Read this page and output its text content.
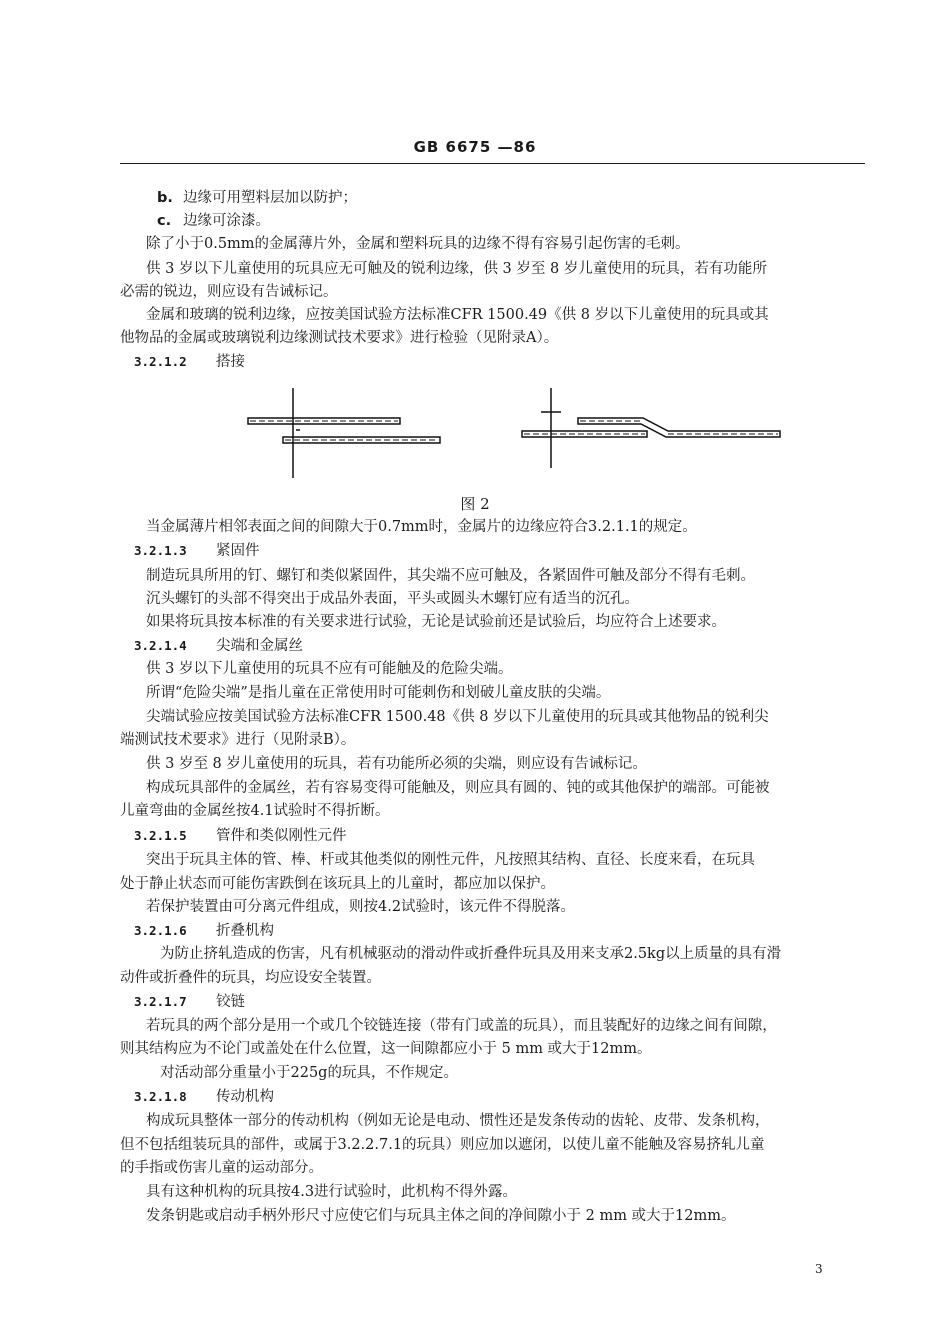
GB 6675 —86
b. 边缘可用塑料层加以防护；
c. 边缘可涂漆。
除了小于0.5mm的金属薄片外，金属和塑料玩具的边缘不得有容易引起伤害的毛刺。
供 3 岁以下儿童使用的玩具应无可触及的锐利边缘，供 3 岁至 8 岁儿童使用的玩具，若有功能所
必需的锐边，则应设有告诫标记。
金属和玻璃的锐利边缘，应按美国试验方法标准CFR 1500.49《供 8 岁以下儿童使用的玩具或其
他物品的金属或玻璃锐利边缘测试技术要求》进行检验（见附录A）。
3.2.1.2 搭接
图 2
当金属薄片相邻表面之间的间隙大于0.7mm时，金属片的边缘应符合3.2.1.1的规定。
3.2.1.3 紧固件
制造玩具所用的钉、螺钉和类似紧固件，其尖端不应可触及，各紧固件可触及部分不得有毛刺。
沉头螺钉的头部不得突出于成品外表面，平头或圆头木螺钉应有适当的沉孔。
如果将玩具按本标准的有关要求进行试验，无论是试验前还是试验后，均应符合上述要求。
3.2.1.4 尖端和金属丝
供 3 岁以下儿童使用的玩具不应有可能触及的危险尖端。
所谓“危险尖端”是指儿童在正常使用时可能刺伤和划破儿童皮肤的尖端。
尖端试验应按美国试验方法标准CFR 1500.48《供 8 岁以下儿童使用的玩具或其他物品的锐利尖
端测试技术要求》进行（见附录B）。
供 3 岁至 8 岁儿童使用的玩具，若有功能所必须的尖端，则应设有告诫标记。
构成玩具部件的金属丝，若有容易变得可能触及，则应具有圆的、钝的或其他保护的端部。可能被
儿童弯曲的金属丝按4.1试验时不得折断。
3.2.1.5 管件和类似刚性元件
突出于玩具主体的管、棒、杆或其他类似的刚性元件，凡按照其结构、直径、长度来看，在玩具
处于静止状态而可能伤害跌倒在该玩具上的儿童时，都应加以保护。
若保护装置由可分离元件组成，则按4.2试验时，该元件不得脱落。
3.2.1.6 折叠机构
为防止挤轧造成的伤害，凡有机械驱动的滑动件或折叠件玩具及用来支承2.5kg以上质量的具有滑
动件或折叠件的玩具，均应设安全装置。
3.2.1.7 铰链
若玩具的两个部分是用一个或几个铰链连接（带有门或盖的玩具），而且装配好的边缘之间有间隙，
则其结构应为不论门或盖处在什么位置，这一间隙都应小于 5 mm 或大于12mm。
对活动部分重量小于225g的玩具，不作规定。
3.2.1.8 传动机构
构成玩具整体一部分的传动机构（例如无论是电动、惯性还是发条传动的齿轮、皮带、发条机构，
但不包括组装玩具的部件，或属于3.2.2.7.1的玩具）则应加以遮闭，以使儿童不能触及容易挤轧儿童
的手指或伤害儿童的运动部分。
具有这种机构的玩具按4.3进行试验时，此机构不得外露。
发条钥匙或启动手柄外形尺寸应使它们与玩具主体之间的净间隙小于 2 mm 或大于12mm。
3
